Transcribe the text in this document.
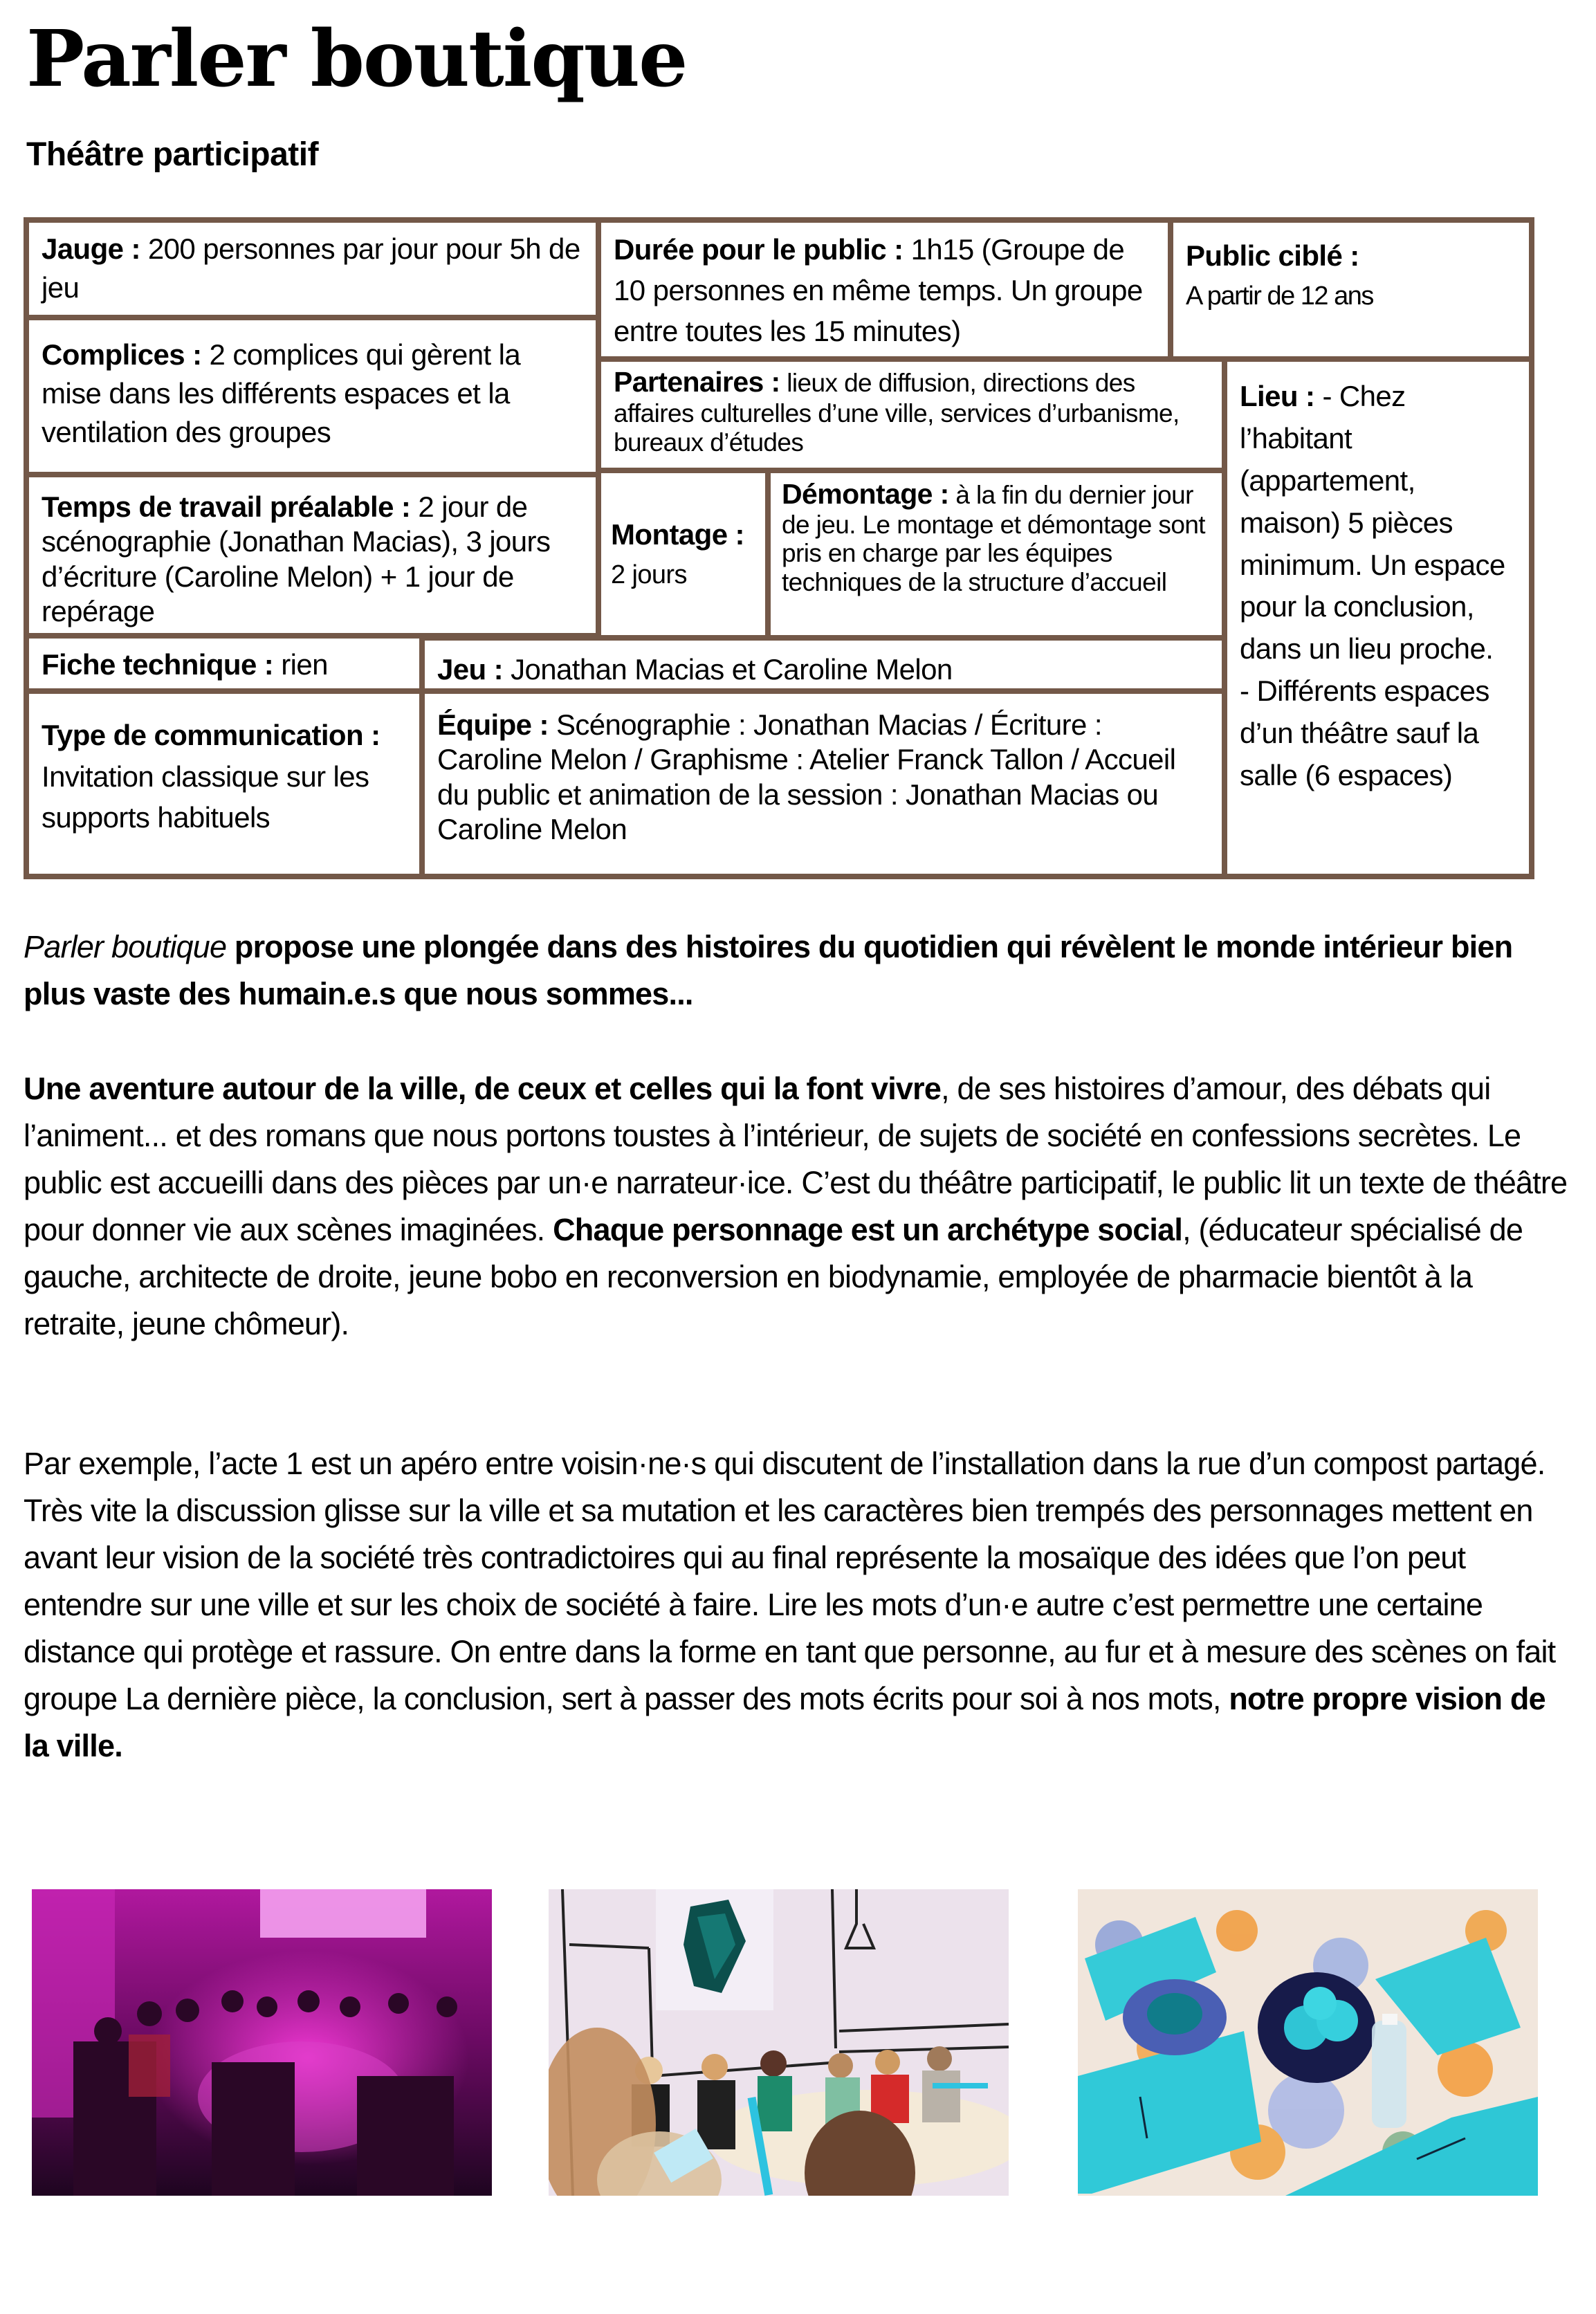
Parler boutique
Théâtre participatif
Jauge : 200 personnes par jour pour 5h de jeu
Complices : 2 complices qui gèrent la mise dans les différents espaces et la ventilation des groupes
Temps de travail préalable : 2 jour de scénographie (Jonathan Macias), 3 jours d’écriture (Caroline Melon) + 1 jour de repérage
Fiche technique : rien
Type de communication :
Invitation classique sur les supports habituels
Durée pour le public : 1h15 (Groupe de 10 personnes en même temps. Un groupe entre toutes les 15 minutes)
Public ciblé :
A partir de 12 ans
Partenaires : lieux de diffusion, directions des affaires culturelles d’une ville, services d’urbanisme, bureaux d’études
Montage :
2 jours
Démontage : à la fin du dernier jour de jeu. Le montage et démontage sont pris en charge par les équipes techniques de la structure d’accueil
Jeu : Jonathan Macias et Caroline Melon
Équipe : Scénographie : Jonathan Macias / Écriture : Caroline Melon / Graphisme : Atelier Franck Tallon / Accueil du public et animation de la session : Jonathan Macias ou Caroline Melon
Lieu : - Chez l’habitant (appartement, maison) 5 pièces minimum. Un espace pour la conclusion, dans un lieu proche.
- Différents espaces d’un théâtre sauf la salle (6 espaces)
Parler boutique propose une plongée dans des histoires du quotidien qui révèlent le monde intérieur bien plus vaste des humain.e.s que nous sommes...
Une aventure autour de la ville, de ceux et celles qui la font vivre, de ses histoires d’amour, des débats qui l’animent... et des romans que nous portons toustes à l’intérieur, de sujets de société en confessions secrètes. Le public est accueilli dans des pièces par un·e narrateur·ice. C’est du théâtre participatif, le public lit un texte de théâtre pour donner vie aux scènes imaginées. Chaque personnage est un archétype social, (éducateur spécialisé de gauche, architecte de droite, jeune bobo en reconversion en biodynamie, employée de pharmacie bientôt à la retraite, jeune chômeur).
Par exemple, l’acte 1 est un apéro entre voisin·ne·s qui discutent de l’installation dans la rue d’un compost partagé. Très vite la discussion glisse sur la ville et sa mutation et les caractères bien trempés des personnages mettent en avant leur vision de la société très contradictoires qui au final représente la mosaïque des idées que l’on peut entendre sur une ville et sur les choix de société à faire. Lire les mots d’un·e autre c’est permettre une certaine distance qui protège et rassure. On entre dans la forme en tant que personne, au fur et à mesure des scènes on fait groupe La dernière pièce, la conclusion, sert à passer des mots écrits pour soi à nos mots, notre propre vision de la ville.
